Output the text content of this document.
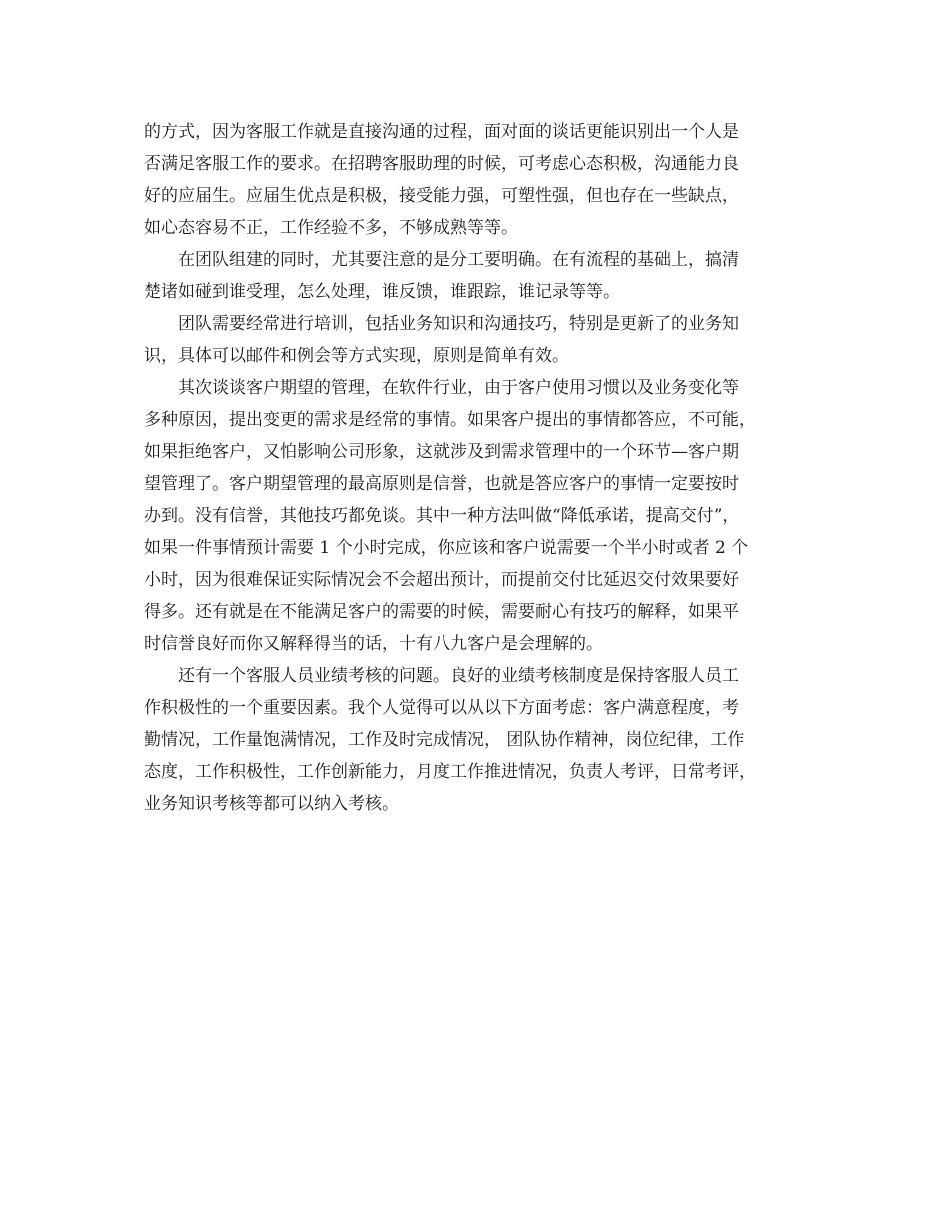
的方式，因为客服工作就是直接沟通的过程，面对面的谈话更能识别出一个人是
否满足客服工作的要求。在招聘客服助理的时候，可考虑心态积极，沟通能力良
好的应届生。应届生优点是积极，接受能力强，可塑性强，但也存在一些缺点，
如心态容易不正，工作经验不多，不够成熟等等。
在团队组建的同时，尤其要注意的是分工要明确。在有流程的基础上，搞清
楚诸如碰到谁受理，怎么处理，谁反馈，谁跟踪，谁记录等等。
团队需要经常进行培训，包括业务知识和沟通技巧，特别是更新了的业务知
识，具体可以邮件和例会等方式实现，原则是简单有效。
其次谈谈客户期望的管理，在软件行业，由于客户使用习惯以及业务变化等
多种原因，提出变更的需求是经常的事情。如果客户提出的事情都答应，不可能，
如果拒绝客户，又怕影响公司形象，这就涉及到需求管理中的一个环节—客户期
望管理了。客户期望管理的最高原则是信誉，也就是答应客户的事情一定要按时
办到。没有信誉，其他技巧都免谈。其中一种方法叫做“降低承诺，提高交付”，
如果一件事情预计需要 1 个小时完成，你应该和客户说需要一个半小时或者 2 个
小时，因为很难保证实际情况会不会超出预计，而提前交付比延迟交付效果要好
得多。还有就是在不能满足客户的需要的时候，需要耐心有技巧的解释，如果平
时信誉良好而你又解释得当的话，十有八九客户是会理解的。
还有一个客服人员业绩考核的问题。良好的业绩考核制度是保持客服人员工
作积极性的一个重要因素。我个人觉得可以从以下方面考虑：客户满意程度，考
勤情况，工作量饱满情况，工作及时完成情况， 团队协作精神，岗位纪律，工作
态度，工作积极性，工作创新能力，月度工作推进情况，负责人考评，日常考评，
业务知识考核等都可以纳入考核。
